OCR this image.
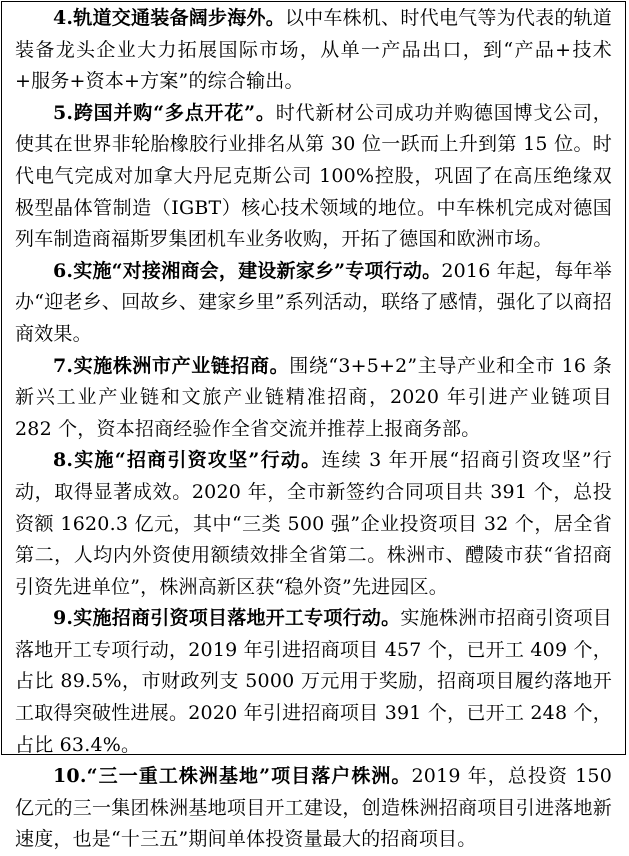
4.轨道交通装备阔步海外。以中车株机、时代电气等为代表的轨道装备龙头企业大力拓展国际市场，从单一产品出口，到“产品+技术+服务+资本+方案”的综合输出。

5.跨国并购“多点开花”。时代新材公司成功并购德国博戈公司，使其在世界非轮胎橡胶行业排名从第 30 位一跃而上升到第 15 位。时代电气完成对加拿大丹尼克斯公司 100%控股，巩固了在高压绝缘双极型晶体管制造（IGBT）核心技术领域的地位。中车株机完成对德国列车制造商福斯罗集团机车业务收购，开拓了德国和欧洲市场。

6.实施“对接湘商会，建设新家乡”专项行动。2016 年起，每年举办“迎老乡、回故乡、建家乡里”系列活动，联络了感情，强化了以商招商效果。

7.实施株洲市产业链招商。围绕“3+5+2”主导产业和全市 16 条新兴工业产业链和文旅产业链精准招商，2020 年引进产业链项目 282 个，资本招商经验作全省交流并推荐上报商务部。

8.实施“招商引资攻坚”行动。连续 3 年开展“招商引资攻坚”行动，取得显著成效。2020 年，全市新签约合同项目共 391 个，总投资额 1620.3 亿元，其中“三类 500 强”企业投资项目 32 个，居全省第二，人均内外资使用额绩效排全省第二。株洲市、醴陵市获“省招商引资先进单位”，株洲高新区获“稳外资”先进园区。

9.实施招商引资项目落地开工专项行动。实施株洲市招商引资项目落地开工专项行动，2019 年引进招商项目 457 个，已开工 409 个，占比 89.5%，市财政列支 5000 万元用于奖励，招商项目履约落地开工取得突破性进展。2020 年引进招商项目 391 个，已开工 248 个，占比 63.4%。

10.“三一重工株洲基地”项目落户株洲。2019 年，总投资 150 亿元的三一集团株洲基地项目开工建设，创造株洲招商项目引进落地新速度，也是“十三五”期间单体投资量最大的招商项目。
